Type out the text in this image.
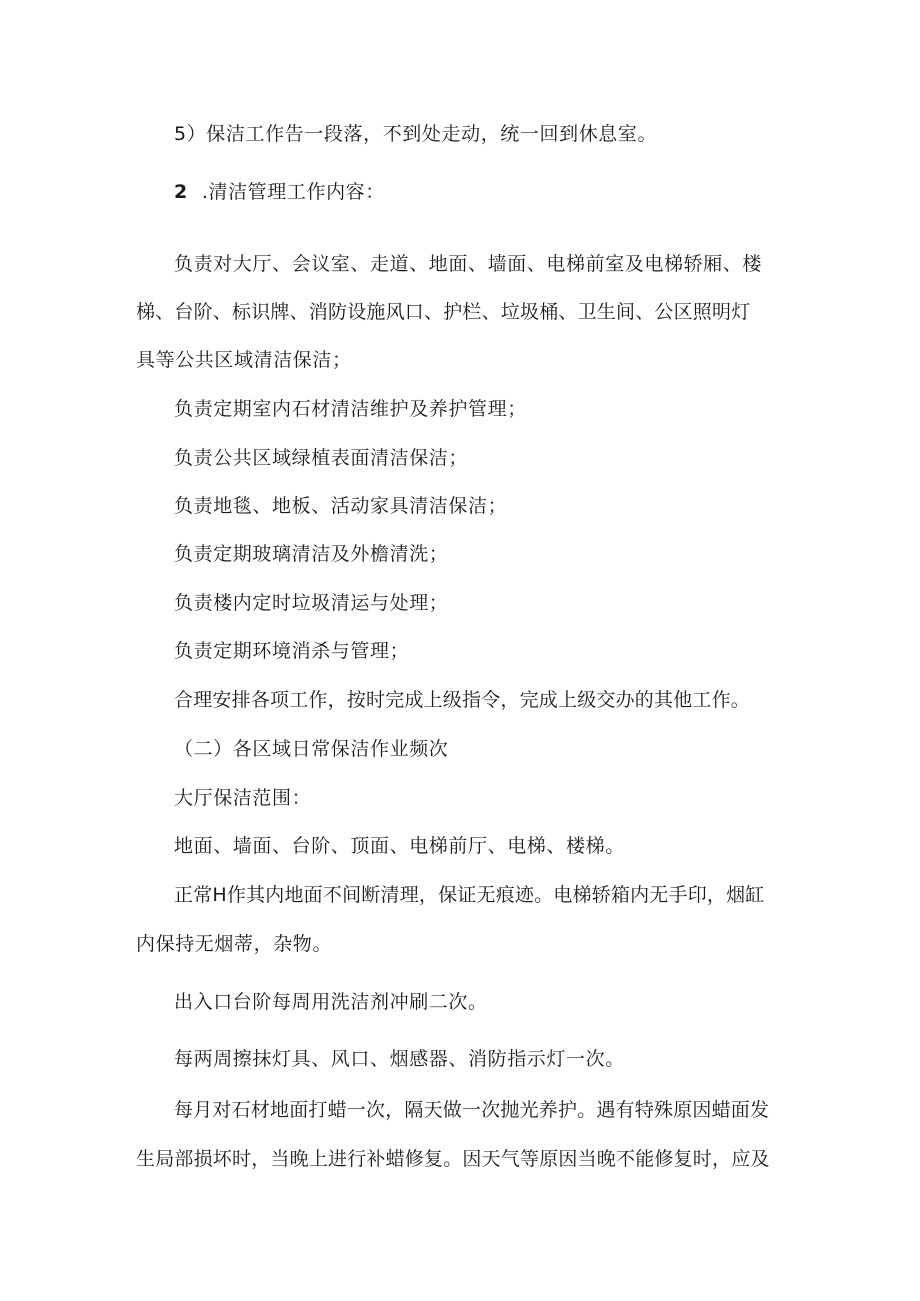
5）保洁工作告一段落，不到处走动，统一回到休息室。
2 .清洁管理工作内容：
负责对大厅、会议室、走道、地面、墙面、电梯前室及电梯轿厢、楼
梯、台阶、标识牌、消防设施风口、护栏、垃圾桶、卫生间、公区照明灯
具等公共区域清洁保洁；
负责定期室内石材清洁维护及养护管理；
负责公共区域绿植表面清洁保洁；
负责地毯、地板、活动家具清洁保洁；
负责定期玻璃清洁及外檐清洗；
负责楼内定时垃圾清运与处理；
负责定期环境消杀与管理；
合理安排各项工作，按时完成上级指令，完成上级交办的其他工作。
（二）各区域日常保洁作业频次
大厅保洁范围：
地面、墙面、台阶、顶面、电梯前厅、电梯、楼梯。
正常H作其内地面不间断清理，保证无痕迹。电梯轿箱内无手印，烟缸
内保持无烟蒂，杂物。
出入口台阶每周用洗洁剂冲刷二次。
每两周擦抹灯具、风口、烟感器、消防指示灯一次。
每月对石材地面打蜡一次，隔天做一次抛光养护。遇有特殊原因蜡面发
生局部损坏时，当晚上进行补蜡修复。因天气等原因当晚不能修复时，应及
